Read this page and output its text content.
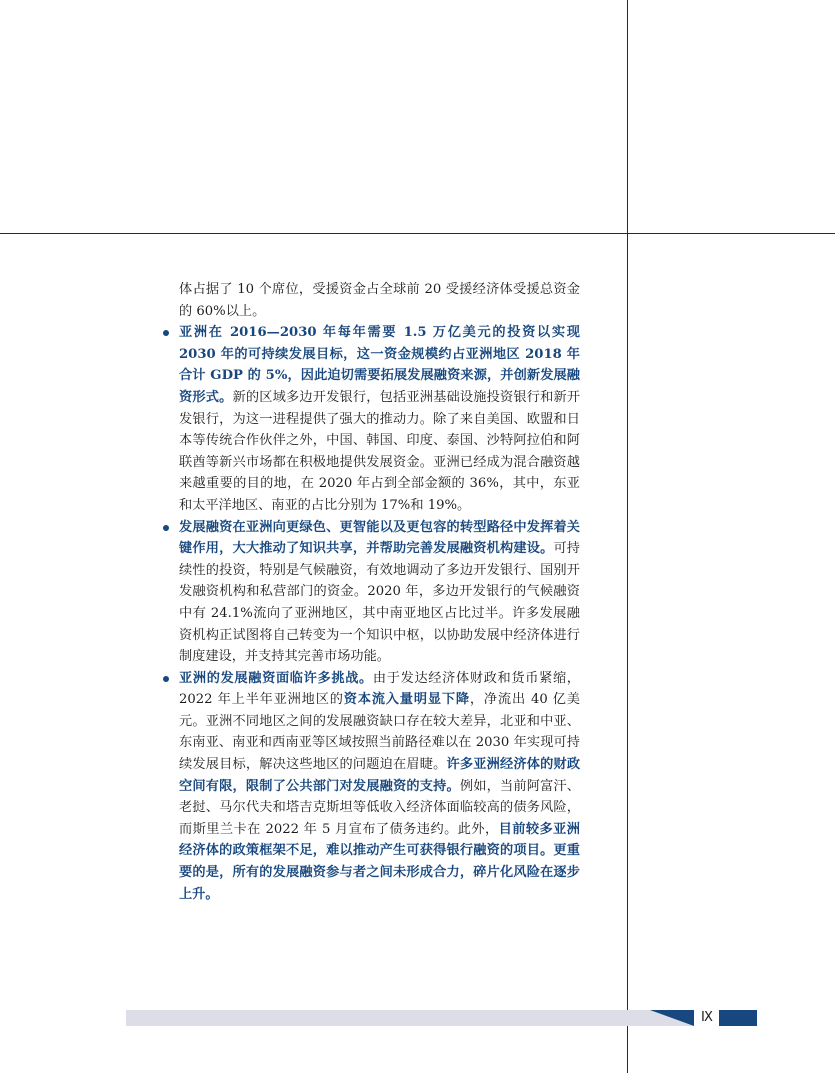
体占据了 10 个席位，受援资金占全球前 20 受援经济体受援总资金的 60%以上。

亚洲在 2016—2030 年每年需要 1.5 万亿美元的投资以实现 2030 年的可持续发展目标，这一资金规模约占亚洲地区 2018 年合计 GDP 的 5%，因此迫切需要拓展发展融资来源，并创新发展融资形式。新的区域多边开发银行，包括亚洲基础设施投资银行和新开发银行，为这一进程提供了强大的推动力。除了来自美国、欧盟和日本等传统合作伙伴之外，中国、韩国、印度、泰国、沙特阿拉伯和阿联酋等新兴市场都在积极地提供发展资金。亚洲已经成为混合融资越来越重要的目的地，在 2020 年占到全部金额的 36%，其中，东亚和太平洋地区、南亚的占比分别为 17%和 19%。
发展融资在亚洲向更绿色、更智能以及更包容的转型路径中发挥着关键作用，大大推动了知识共享，并帮助完善发展融资机构建设。可持续性的投资，特别是气候融资，有效地调动了多边开发银行、国别开发融资机构和私营部门的资金。2020 年，多边开发银行的气候融资中有 24.1%流向了亚洲地区，其中南亚地区占比过半。许多发展融资机构正试图将自己转变为一个知识中枢，以协助发展中经济体进行制度建设，并支持其完善市场功能。
亚洲的发展融资面临许多挑战。由于发达经济体财政和货币紧缩，2022 年上半年亚洲地区的资本流入量明显下降，净流出 40 亿美元。亚洲不同地区之间的发展融资缺口存在较大差异，北亚和中亚、东南亚、南亚和西南亚等区域按照当前路径难以在 2030 年实现可持续发展目标，解决这些地区的问题迫在眉睫。许多亚洲经济体的财政空间有限，限制了公共部门对发展融资的支持。例如，当前阿富汗、老挝、马尔代夫和塔吉克斯坦等低收入经济体面临较高的债务风险，而斯里兰卡在 2022 年 5 月宣布了债务违约。此外，目前较多亚洲经济体的政策框架不足，难以推动产生可获得银行融资的项目。更重要的是，所有的发展融资参与者之间未形成合力，碎片化风险在逐步上升。
Ⅸ
